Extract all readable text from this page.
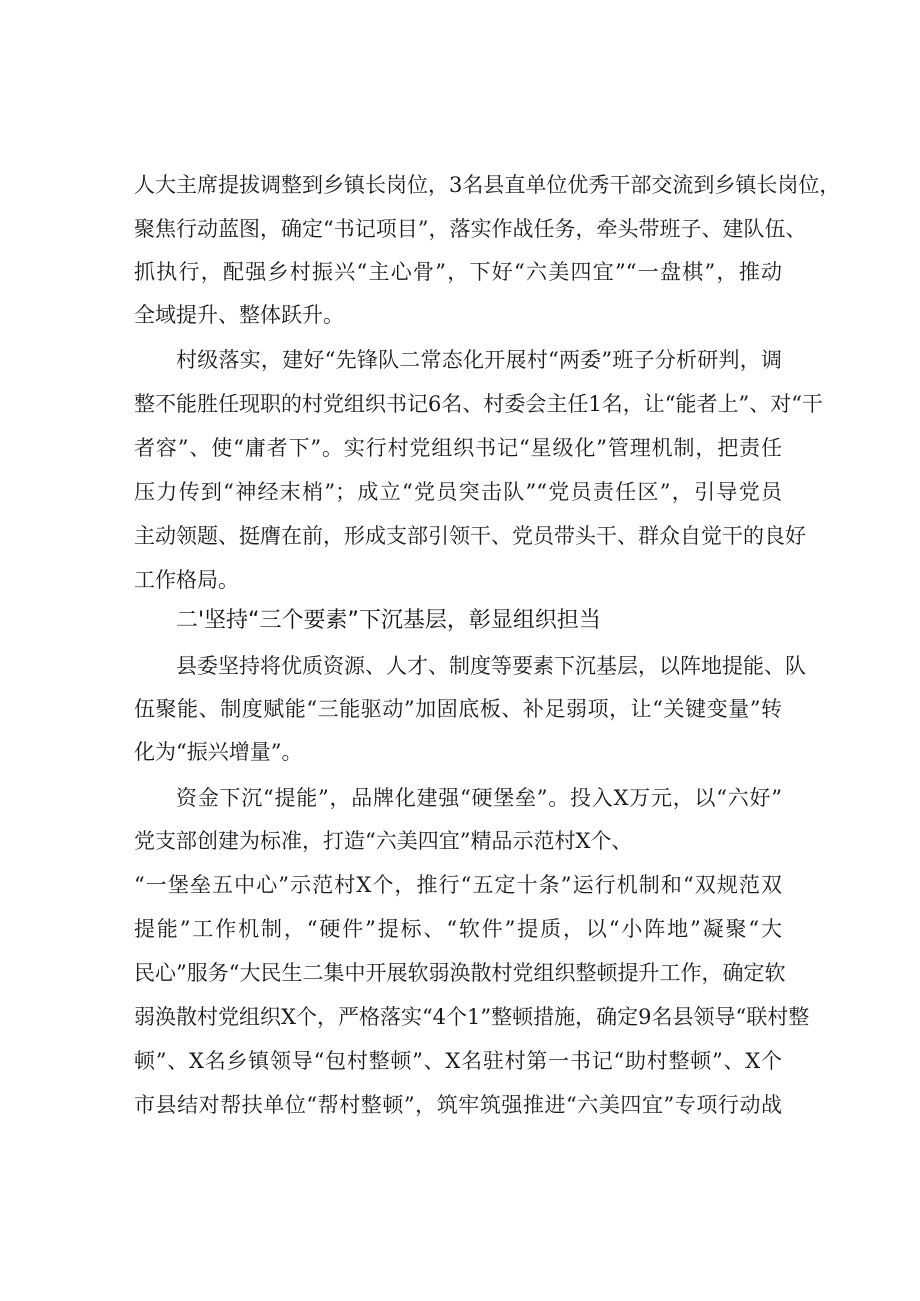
人大主席提拔调整到乡镇长岗位，3名县直单位优秀干部交流到乡镇长岗位，
聚焦行动蓝图，确定“书记项目”，落实作战任务，牵头带班子、建队伍、
抓执行，配强乡村振兴“主心骨”，下好“六美四宜”“一盘棋”，推动
全域提升、整体跃升。
村级落实，建好“先锋队二常态化开展村“两委”班子分析研判，调
整不能胜任现职的村党组织书记6名、村委会主任1名，让“能者上”、对“干
者容”、使“庸者下”。实行村党组织书记“星级化”管理机制，把责任
压力传到“神经末梢”；成立“党员突击队”“党员责任区”，引导党员
主动领题、挺膺在前，形成支部引领干、党员带头干、群众自觉干的良好
工作格局。
二'坚持“三个要素”下沉基层，彰显组织担当
县委坚持将优质资源、人才、制度等要素下沉基层，以阵地提能、队
伍聚能、制度赋能“三能驱动”加固底板、补足弱项，让“关键变量”转
化为“振兴增量”。
资金下沉“提能”，品牌化建强“硬堡垒”。投入X万元，以“六好”
党支部创建为标准，打造“六美四宜”精品示范村X个、
“一堡垒五中心”示范村X个，推行“五定十条”运行机制和“双规范双
提能”工作机制，“硬件”提标、“软件”提质，以“小阵地”凝聚“大
民心”服务“大民生二集中开展软弱涣散村党组织整顿提升工作，确定软
弱涣散村党组织X个，严格落实“4个1”整顿措施，确定9名县领导“联村整
顿”、X名乡镇领导“包村整顿”、X名驻村第一书记“助村整顿”、X个
市县结对帮扶单位“帮村整顿”，筑牢筑强推进“六美四宜”专项行动战
